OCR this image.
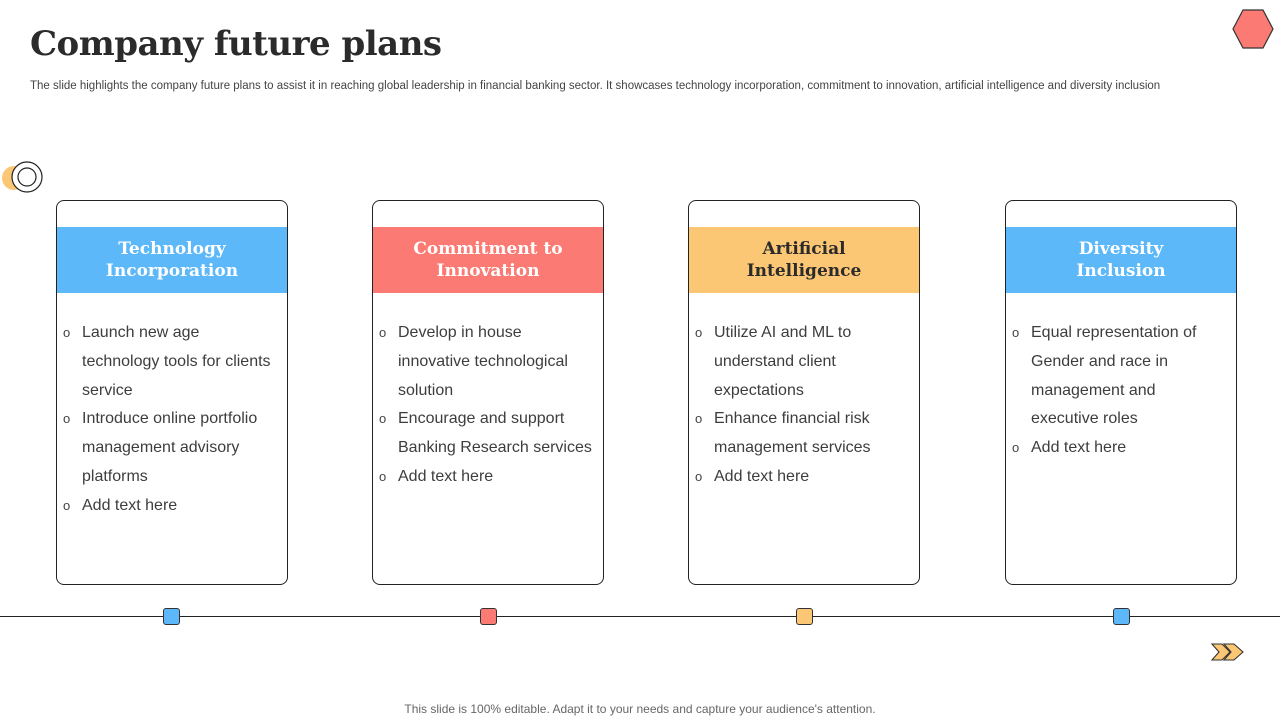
Company future plans

The slide highlights the company future plans to assist it in reaching global leadership in financial banking sector. It showcases technology incorporation, commitment to innovation, artificial intelligence and diversity inclusion

Technology
Incorporation
o Launch new age technology tools for clients service
o Introduce online portfolio management advisory platforms
o Add text here
Commitment to
Innovation
o Develop in house innovative technological solution
o Encourage and support Banking Research services
o Add text here
Artificial
Intelligence
o Utilize AI and ML to understand client expectations
o Enhance financial risk management services
o Add text here
Diversity
Inclusion
o Equal representation of Gender and race in management and executive roles
o Add text here
This slide is 100% editable. Adapt it to your needs and capture your audience's attention.
